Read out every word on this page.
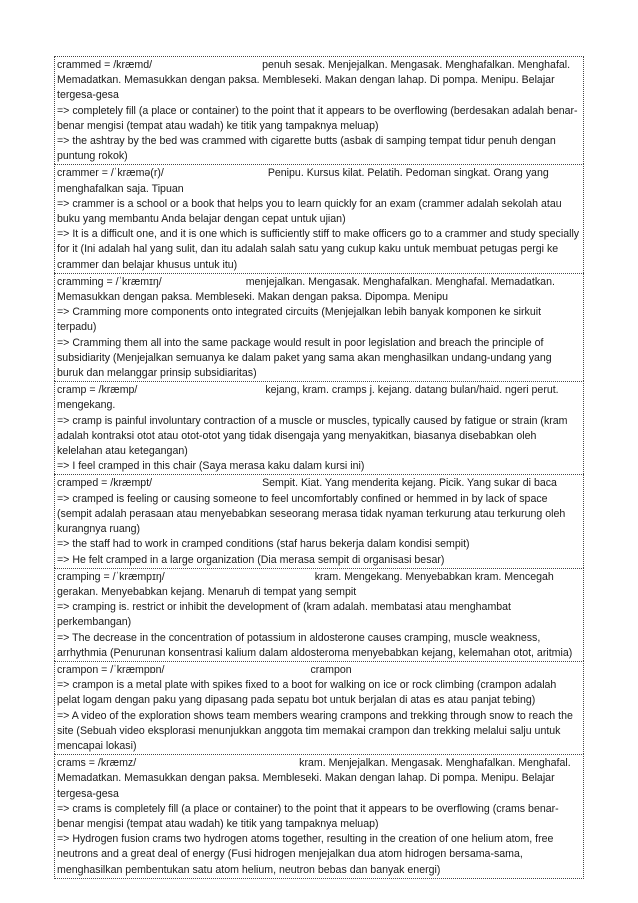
crammed = /kræmd/	penuh sesak. Menjejalkan. Mengasak. Menghafalkan. Menghafal. Memadatkan. Memasukkan dengan paksa. Membleseki. Makan dengan lahap. Di pompa. Menipu. Belajar tergesa-gesa
=> completely fill (a place or container) to the point that it appears to be overflowing (berdesakan adalah benar-benar mengisi (tempat atau wadah) ke titik yang tampaknya meluap)
=> the ashtray by the bed was crammed with cigarette butts (asbak di samping tempat tidur penuh dengan puntung rokok)
crammer = /ˈkræmə(r)/	Penipu. Kursus kilat. Pelatih. Pedoman singkat. Orang yang menghafalkan saja. Tipuan
=> crammer is a school or a book that helps you to learn quickly for an exam (crammer adalah sekolah atau buku yang membantu Anda belajar dengan cepat untuk ujian)
=> It is a difficult one, and it is one which is sufficiently stiff to make officers go to a crammer and study specially for it (Ini adalah hal yang sulit, dan itu adalah salah satu yang cukup kaku untuk membuat petugas pergi ke crammer dan belajar khusus untuk itu)
cramming = /ˈkræmɪŋ/	menjejalkan. Mengasak. Menghafalkan. Menghafal. Memadatkan. Memasukkan dengan paksa. Membleseki. Makan dengan paksa. Dipompa. Menipu
=> Cramming more components onto integrated circuits (Menjejalkan lebih banyak komponen ke sirkuit terpadu)
=> Cramming them all into the same package would result in poor legislation and breach the principle of subsidiarity (Menjejalkan semuanya ke dalam paket yang sama akan menghasilkan undang-undang yang buruk dan melanggar prinsip subsidiaritas)
cramp = /kræmp/	kejang, kram. cramps j. kejang. datang bulan/haid. ngeri perut. mengekang.
=> cramp is painful involuntary contraction of a muscle or muscles, typically caused by fatigue or strain (kram adalah kontraksi otot atau otot-otot yang tidak disengaja yang menyakitkan, biasanya disebabkan oleh kelelahan atau ketegangan)
=> I feel cramped in this chair (Saya merasa kaku dalam kursi ini)
cramped = /kræmpt/	Sempit. Kiat. Yang menderita kejang. Picik. Yang sukar di baca
=> cramped is feeling or causing someone to feel uncomfortably confined or hemmed in by lack of space (sempit adalah perasaan atau menyebabkan seseorang merasa tidak nyaman terkurung atau terkurung oleh kurangnya ruang)
=> the staff had to work in cramped conditions (staf harus bekerja dalam kondisi sempit)
=> He felt cramped in a large organization (Dia merasa sempit di organisasi besar)
cramping = /ˈkræmpɪŋ/	kram. Mengekang. Menyebabkan kram. Mencegah gerakan. Menyebabkan kejang. Menaruh di tempat yang sempit
=> cramping is. restrict or inhibit the development of (kram adalah. membatasi atau menghambat perkembangan)
=> The decrease in the concentration of potassium in aldosterone causes cramping, muscle weakness, arrhythmia (Penurunan konsentrasi kalium dalam aldosteroma menyebabkan kejang, kelemahan otot, aritmia)
crampon = /ˈkræmpɒn/	crampon
=> crampon is a metal plate with spikes fixed to a boot for walking on ice or rock climbing (crampon adalah pelat logam dengan paku yang dipasang pada sepatu bot untuk berjalan di atas es atau panjat tebing)
=> A video of the exploration shows team members wearing crampons and trekking through snow to reach the site (Sebuah video eksplorasi menunjukkan anggota tim memakai crampon dan trekking melalui salju untuk mencapai lokasi)
crams = /kræmz/	kram. Menjejalkan. Mengasak. Menghafalkan. Menghafal. Memadatkan. Memasukkan dengan paksa. Membleseki. Makan dengan lahap. Di pompa. Menipu. Belajar tergesa-gesa
=> crams is completely fill (a place or container) to the point that it appears to be overflowing (crams benar-benar mengisi (tempat atau wadah) ke titik yang tampaknya meluap)
=> Hydrogen fusion crams two hydrogen atoms together, resulting in the creation of one helium atom, free neutrons and a great deal of energy (Fusi hidrogen menjejalkan dua atom hidrogen bersama-sama, menghasilkan pembentukan satu atom helium, neutron bebas dan banyak energi)
